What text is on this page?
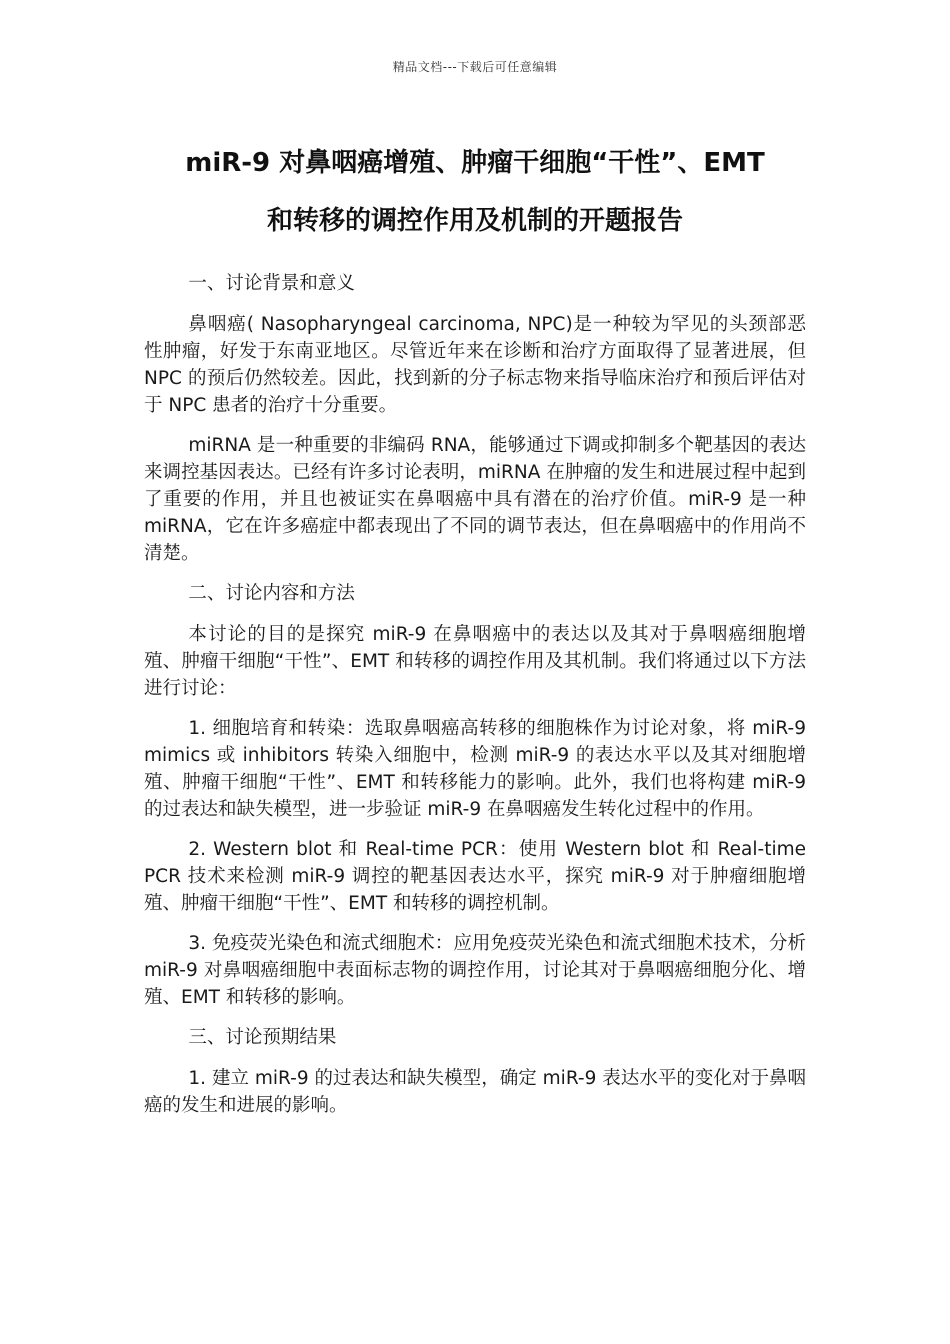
精品文档---下载后可任意编辑
miR-9 对鼻咽癌增殖、肿瘤干细胞“干性”、EMT
和转移的调控作用及机制的开题报告

一、讨论背景和意义

鼻咽癌( Nasopharyngeal carcinoma, NPC)是一种较为罕见的头颈部恶性肿瘤，好发于东南亚地区。尽管近年来在诊断和治疗方面取得了显著进展，但 NPC 的预后仍然较差。因此，找到新的分子标志物来指导临床治疗和预后评估对于 NPC 患者的治疗十分重要。

miRNA 是一种重要的非编码 RNA，能够通过下调或抑制多个靶基因的表达来调控基因表达。已经有许多讨论表明，miRNA 在肿瘤的发生和进展过程中起到了重要的作用，并且也被证实在鼻咽癌中具有潜在的治疗价值。miR-9 是一种 miRNA，它在许多癌症中都表现出了不同的调节表达，但在鼻咽癌中的作用尚不清楚。

二、讨论内容和方法

本讨论的目的是探究 miR-9 在鼻咽癌中的表达以及其对于鼻咽癌细胞增殖、肿瘤干细胞“干性”、EMT 和转移的调控作用及其机制。我们将通过以下方法进行讨论：

1. 细胞培育和转染：选取鼻咽癌高转移的细胞株作为讨论对象，将 miR-9 mimics 或 inhibitors 转染入细胞中，检测 miR-9 的表达水平以及其对细胞增殖、肿瘤干细胞“干性”、EMT 和转移能力的影响。此外，我们也将构建 miR-9 的过表达和缺失模型，进一步验证 miR-9 在鼻咽癌发生转化过程中的作用。

2. Western blot 和 Real-time PCR：使用 Western blot 和 Real-time PCR 技术来检测 miR-9 调控的靶基因表达水平，探究 miR-9 对于肿瘤细胞增殖、肿瘤干细胞“干性”、EMT 和转移的调控机制。

3. 免疫荧光染色和流式细胞术：应用免疫荧光染色和流式细胞术技术，分析 miR-9 对鼻咽癌细胞中表面标志物的调控作用，讨论其对于鼻咽癌细胞分化、增殖、EMT 和转移的影响。

三、讨论预期结果

1. 建立 miR-9 的过表达和缺失模型，确定 miR-9 表达水平的变化对于鼻咽癌的发生和进展的影响。
